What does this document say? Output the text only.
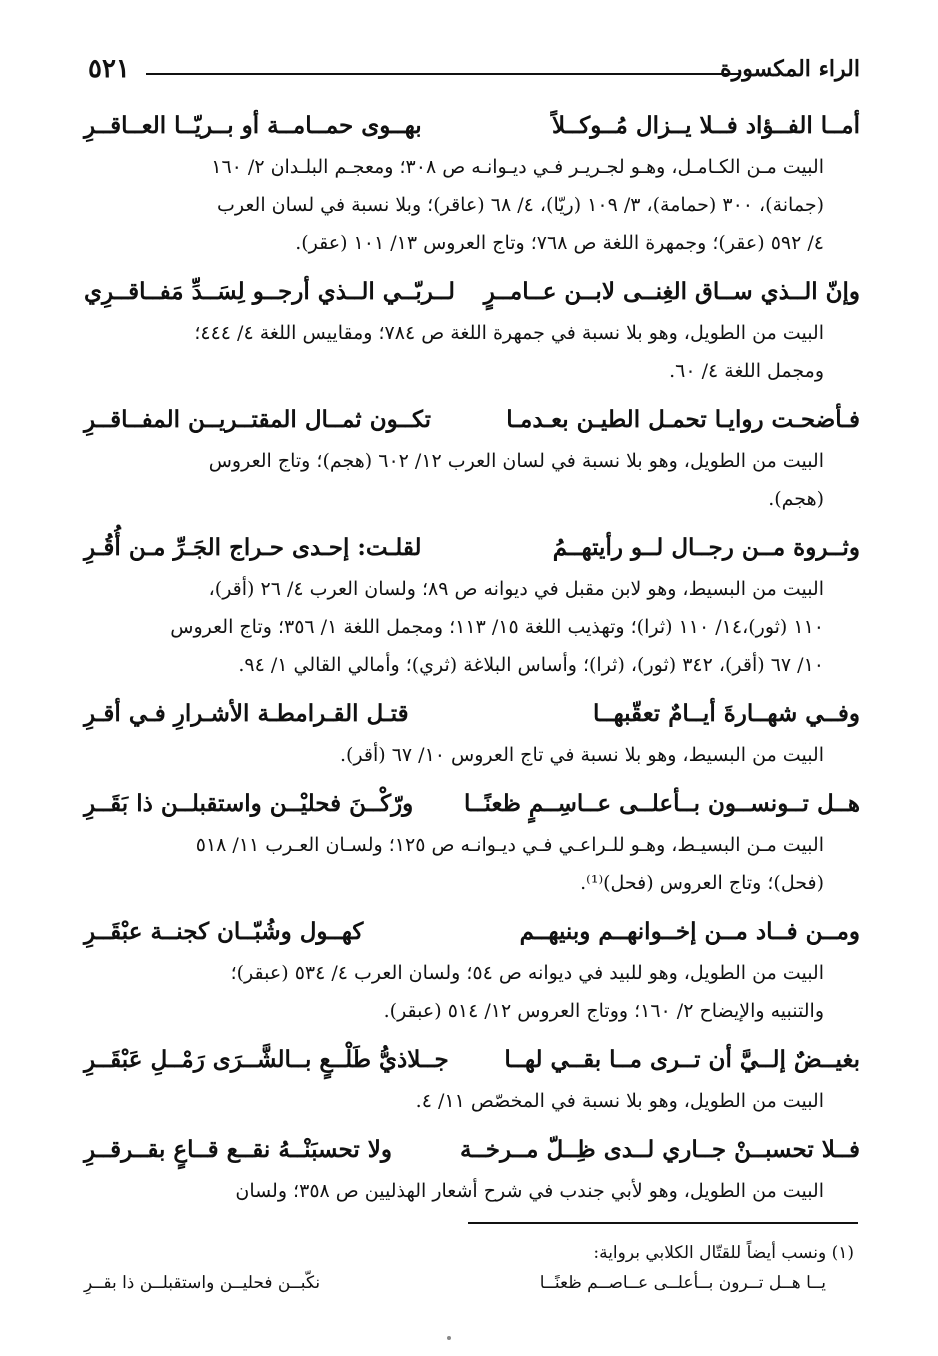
٥٢١	الراء المكسورة
أمــا الفــؤاد فــلا يــزال مُــوكــلاً
بهــوى حمــامــة أو بــريّــا العــاقــرِ

البيت مـن الكـامـل، وهـو لجـريـر فـي ديـوانـه ص ٣٠٨؛ ومعجـم البلـدان ٢/ ١٦٠

(جمانة)، ٣٠٠ (حمامة)، ٣/ ١٠٩ (ريّا)، ٤/ ٦٨ (عاقر)؛ وبلا نسبة في لسان العرب

٤/ ٥٩٢ (عقر)؛ وجمهرة اللغة ص ٧٦٨؛ وتاج العروس ١٣/ ١٠١ (عقر).

وإنّ الــذي ســاق الغِنــى لابــن عــامــرٍ
لــربّــي الــذي أرجــو لِسَــدِّ مَفــاقــرِي

البيت من الطويل، وهو بلا نسبة في جمهرة اللغة ص ٧٨٤؛ ومقاييس اللغة ٤/ ٤٤٤؛

ومجمل اللغة ٤/ ٦٠.

فـأضحـت روايـا تحمـل الطيـن بعـدمـا
تكــون ثمــال المقتــريــن المفــاقــرِ

البيت من الطويل، وهو بلا نسبة في لسان العرب ١٢/ ٦٠٢ (هجم)؛ وتاج العروس

(هجم).

وثــروة مــن رجــال لــو رأيتهــمُ
لقلـت: إحـدى حـراج الجَـرِّ مـن أُقُـرِ

البيت من البسيط، وهو لابن مقبل في ديوانه ص ٨٩؛ ولسان العرب ٤/ ٢٦ (أقر)،

١١٠ (ثور)،١٤/ ١١٠ (ثرا)؛ وتهذيب اللغة ١٥/ ١١٣؛ ومجمل اللغة ١/ ٣٥٦؛ وتاج العروس

١٠/ ٦٧ (أقر)، ٣٤٢ (ثور)، (ثرا)؛ وأساس البلاغة (ثري)؛ وأمالي القالي ١/ ٩٤.

وفــي شهــارةَ أيــامٌ تعقّبهــا
قتـل القـرامطـة الأشـرارِ فـي أقـرِ

البيت من البسيط، وهو بلا نسبة في تاج العروس ١٠/ ٦٧ (أقر).

هــل تــونســون بــأعلــى عــاسِــمٍ ظعنًــا
ورّكْــنَ فحليْــن واستقبلــن ذا بَقَــرِ

البيت مـن البسيـط، وهـو للـراعـي فـي ديـوانـه ص ١٢٥؛ ولسـان العـرب ١١/ ٥١٨

(فحل)؛ وتاج العروس (فحل)⁽¹⁾.

ومــن فــاد مــن إخــوانهــم وبنيهــم
كهــول وشُبّــان كجنــة عبْقَــرِ

البيت من الطويل، وهو للبيد في ديوانه ص ٥٤؛ ولسان العرب ٤/ ٥٣٤ (عبقر)؛

والتنبيه والإيضاح ٢/ ١٦٠؛ ووتاج العروس ١٢/ ٥١٤ (عبقر).

بغيــضٌ إلــيَّ أن تــرى مــا بقــي لهــا
جــلاذيُّ طَلْــعٍ بــالشَّــرَى رَمْــلِ عَبْقَــرِ

البيت من الطويل، وهو بلا نسبة في المخصّص ١١/ ٤.

فــلا تحسبــنْ جــاري لــدى ظِــلّ مــرخــة
ولا تحسبَنْــهُ نقــع قــاعٍ بقــرقــرِ

البيت من الطويل، وهو لأبي جندب في شرح أشعار الهذليين ص ٣٥٨؛ ولسان

(١) ونسب أيضاً للقتّال الكلابي برواية:
يــا هــل تــرون بــأعلــى عــاصــم ظعنًــا
نكّبــن فحليــن واستقبلــن ذا بقــرِ
